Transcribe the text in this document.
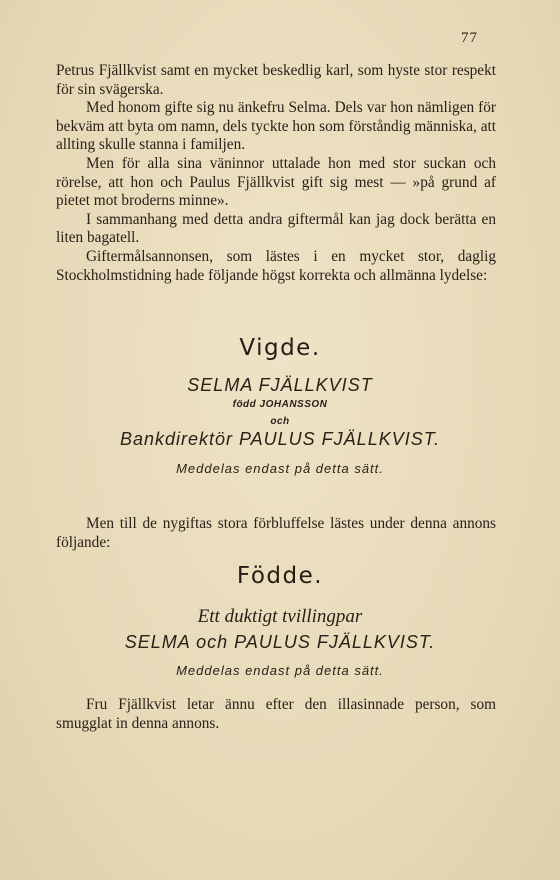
77

Petrus Fjällkvist samt en mycket beskedlig karl, som hyste stor respekt för sin svägerska.

Med honom gifte sig nu änkefru Selma. Dels var hon nämligen för bekväm att byta om namn, dels tyckte hon som förståndig människa, att allting skulle stanna i familjen.

Men för alla sina väninnor uttalade hon med stor suckan och rörelse, att hon och Paulus Fjällkvist gift sig mest — »på grund af pietet mot broderns minne».

I sammanhang med detta andra giftermål kan jag dock berätta en liten bagatell.

Giftermålsannonsen, som lästes i en mycket stor, daglig Stockholmstidning hade följande högst korrekta och allmänna lydelse:

Vigde.
SELMA FJÄLLKVIST
född JOHANSSON
och
Bankdirektör PAULUS FJÄLLKVIST.
Meddelas endast på detta sätt.

Men till de nygiftas stora förbluffelse lästes under denna annons följande:

Födde.
Ett duktigt tvillingpar
SELMA och PAULUS FJÄLLKVIST.
Meddelas endast på detta sätt.

Fru Fjällkvist letar ännu efter den illasinnade person, som smugglat in denna annons.
